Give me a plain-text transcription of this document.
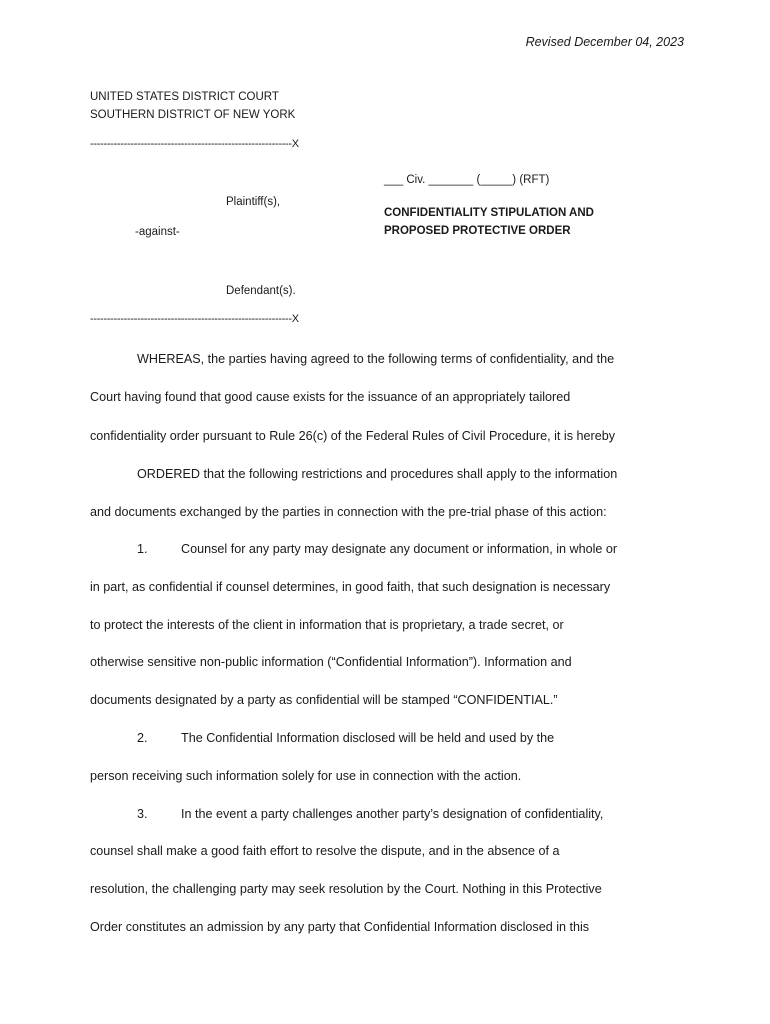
Revised December 04, 2023
UNITED STATES DISTRICT COURT
SOUTHERN DISTRICT OF NEW YORK
------------------------------------------------------------X
___ Civ. _______ (_____) (RFT)
Plaintiff(s),
CONFIDENTIALITY STIPULATION AND
PROPOSED PROTECTIVE ORDER
-against-
Defendant(s).
------------------------------------------------------------X
WHEREAS, the parties having agreed to the following terms of confidentiality, and the
Court having found that good cause exists for the issuance of an appropriately tailored
confidentiality order pursuant to Rule 26(c) of the Federal Rules of Civil Procedure, it is hereby
ORDERED that the following restrictions and procedures shall apply to the information
and documents exchanged by the parties in connection with the pre-trial phase of this action:
1.	Counsel for any party may designate any document or information, in whole or
in part, as confidential if counsel determines, in good faith, that such designation is necessary
to protect the interests of the client in information that is proprietary, a trade secret, or
otherwise sensitive non-public information (“Confidential Information”). Information and
documents designated by a party as confidential will be stamped “CONFIDENTIAL.”
2.	The Confidential Information disclosed will be held and used by the
person receiving such information solely for use in connection with the action.
3.	In the event a party challenges another party’s designation of confidentiality,
counsel shall make a good faith effort to resolve the dispute, and in the absence of a
resolution, the challenging party may seek resolution by the Court. Nothing in this Protective
Order constitutes an admission by any party that Confidential Information disclosed in this
